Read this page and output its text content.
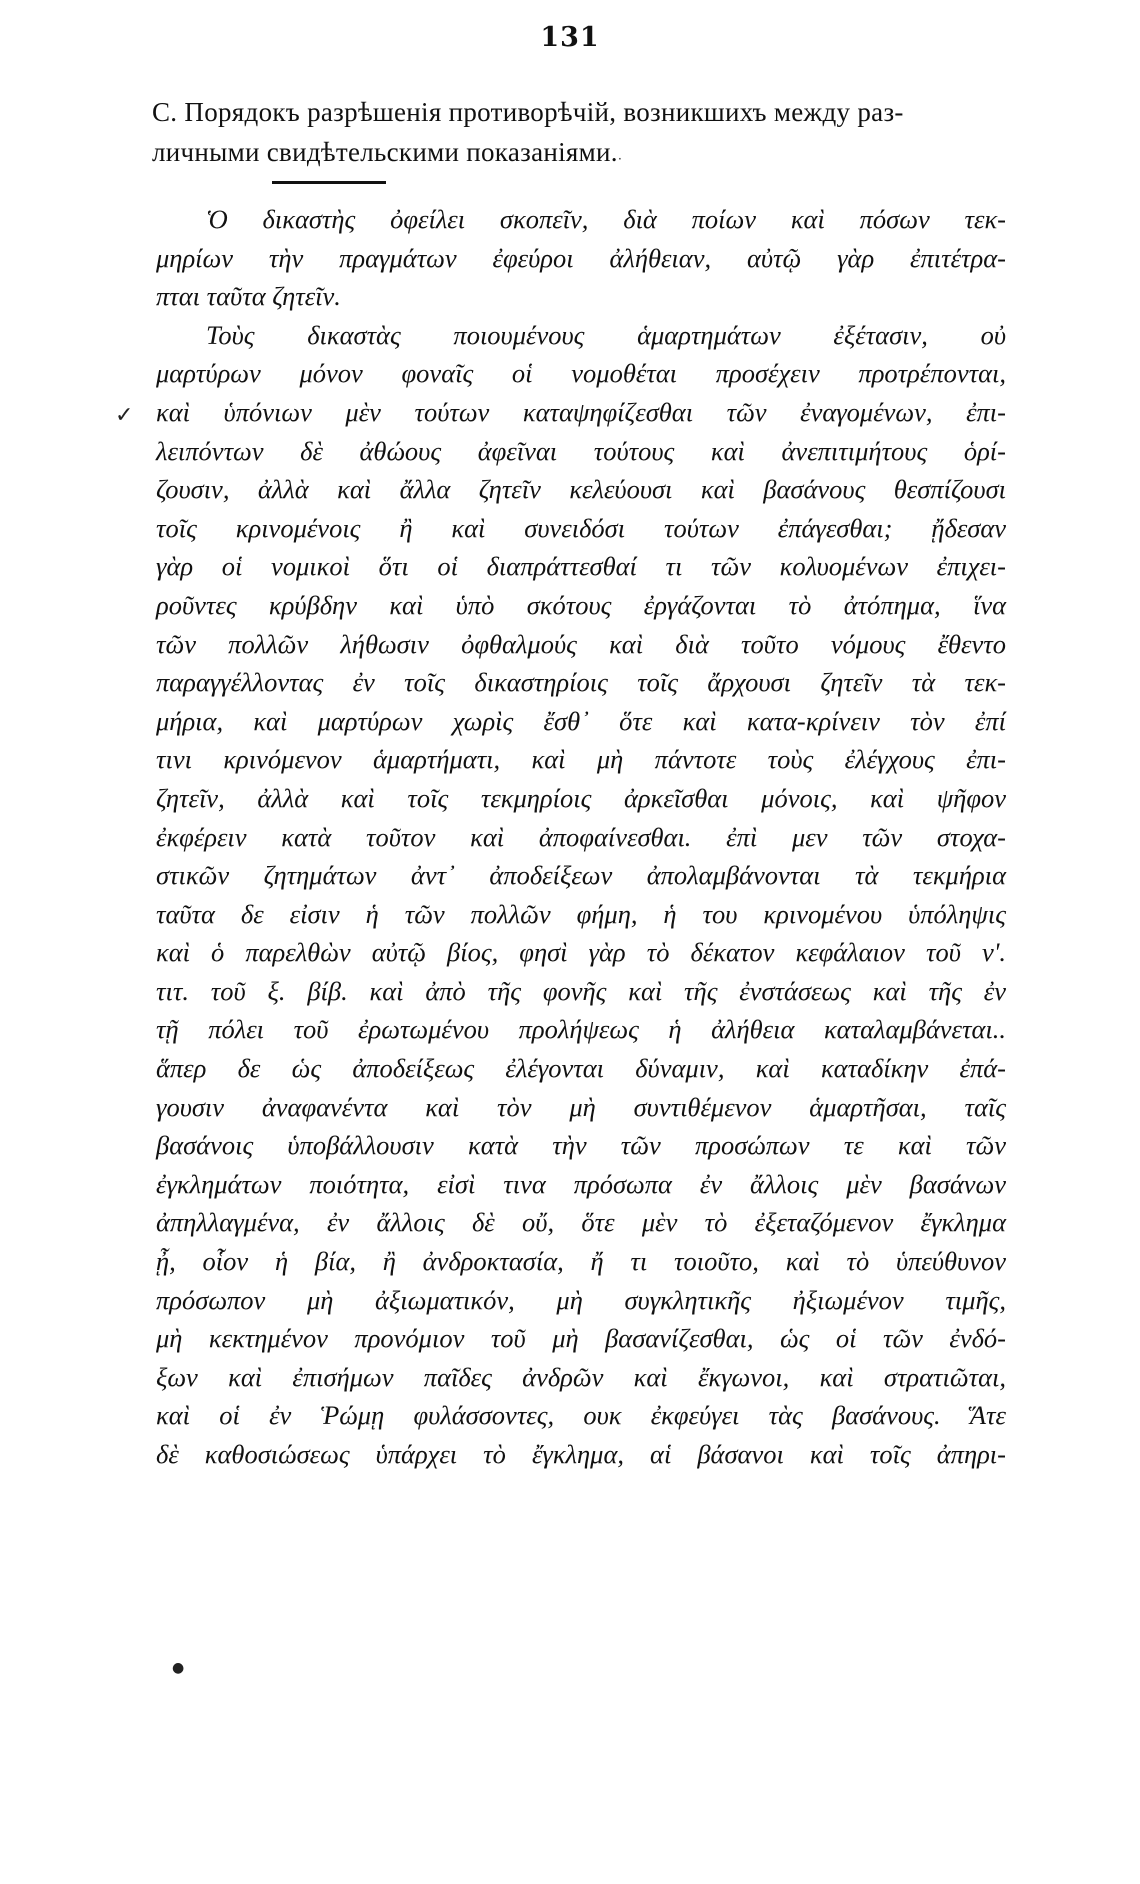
131
C. Порядокъ разрѣшенія противорѣчій, возникшихъ между раз-
личными свидѣтельскими показаніями.
Ὁ δικαστὴς ὀφείλει σκοπεῖν, διὰ ποίων καὶ πόσων τεκ-
μηρίων τὴν πραγμάτων ἐφεύροι ἀλήθειαν, αὐτῷ γὰρ ἐπιτέτρα-
πται ταῦτα ζητεῖν.
Τοὺς δικαστὰς ποιουμένους ἁμαρτημάτων ἐξέτασιν, οὐ
μαρτύρων μόνον φοναῖς οἱ νομοθέται προσέχειν προτρέπονται,
καὶ ὑπόνιων μὲν τούτων καταψηφίζεσθαι τῶν ἐναγομένων, ἐπι-
λειπόντων δὲ ἀθώους ἀφεῖναι τούτους καὶ ἀνεπιτιμήτους ὁρί-
ζουσιν, ἀλλὰ καὶ ἄλλα ζητεῖν κελεύουσι καὶ βασάνους θεσπίζουσι
τοῖς κρινομένοις ἢ καὶ συνειδόσι τούτων ἐπάγεσθαι; ᾔδεσαν
γὰρ οἱ νομικοὶ ὅτι οἱ διαπράττεσθαί τι τῶν κολυομένων ἐπιχει-
ροῦντες κρύβδην καὶ ὑπὸ σκότους ἐργάζονται τὸ ἀτόπημα, ἵνα
τῶν πολλῶν λήθωσιν ὀφθαλμούς καὶ διὰ τοῦτο νόμους ἔθεντο
παραγγέλλοντας ἐν τοῖς δικαστηρίοις τοῖς ἄρχουσι ζητεῖν τὰ τεκ-
μήρια, καὶ μαρτύρων χωρὶς ἔσθ᾽ ὅτε καὶ κατα-κρίνειν τὸν ἐπί
τινι κρινόμενον ἁμαρτήματι, καὶ μὴ πάντοτε τοὺς ἐλέγχους ἐπι-
ζητεῖν, ἀλλὰ καὶ τοῖς τεκμηρίοις ἀρκεῖσθαι μόνοις, καὶ ψῆφον
ἐκφέρειν κατὰ τοῦτον καὶ ἀποφαίνεσθαι. ἐπὶ μεν τῶν στοχα-
στικῶν ζητημάτων ἀντ᾽ ἀποδείξεων ἀπολαμβάνονται τὰ τεκμήρια
ταῦτα δε εἰσιν ἡ τῶν πολλῶν φήμη, ἡ του κρινομένου ὑπόληψις
καὶ ὁ παρελθὼν αὐτῷ βίος, φησὶ γὰρ τὸ δέκατον κεφάλαιον τοῦ ν'.
τιτ. τοῦ ξ. βίβ. καὶ ἀπὸ τῆς φονῆς καὶ τῆς ἐνστάσεως καὶ τῆς ἐν
τῇ πόλει τοῦ ἐρωτωμένου προλήψεως ἡ ἀλήθεια καταλαμβάνεται..
ἅπερ δε ὡς ἀποδείξεως ἐλέγονται δύναμιν, καὶ καταδίκην ἐπά-
γουσιν ἀναφανέντα καὶ τὸν μὴ συντιθέμενον ἁμαρτῆσαι, ταῖς
βασάνοις ὑποβάλλουσιν κατὰ τὴν τῶν προσώπων τε καὶ τῶν
ἐγκλημάτων ποιότητα, εἰσὶ τινα πρόσωπα ἐν ἄλλοις μὲν βασάνων
ἀπηλλαγμένα, ἐν ἄλλοις δὲ οὔ, ὅτε μὲν τὸ ἐξεταζόμενον ἔγκλημα
ᾖ, οἷον ἡ βία, ἢ ἀνδροκτασία, ἤ τι τοιοῦτο, καὶ τὸ ὑπεύθυνον
πρόσωπον μὴ ἀξιωματικόν, μὴ συγκλητικῆς ἠξιωμένον τιμῆς,
μὴ κεκτημένον προνόμιον τοῦ μὴ βασανίζεσθαι, ὡς οἱ τῶν ἐνδό-
ξων καὶ ἐπισήμων παῖδες ἀνδρῶν καὶ ἔκγωνοι, καὶ στρατιῶται,
καὶ οἱ ἐν Ῥώμῃ φυλάσσοντες, ουκ ἐκφεύγει τὰς βασάνους. Ἅτε
δὲ καθοσιώσεως ὑπάρχει τὸ ἔγκλημα, αἱ βάσανοι καὶ τοῖς ἀπηρι-
✓
●
·
